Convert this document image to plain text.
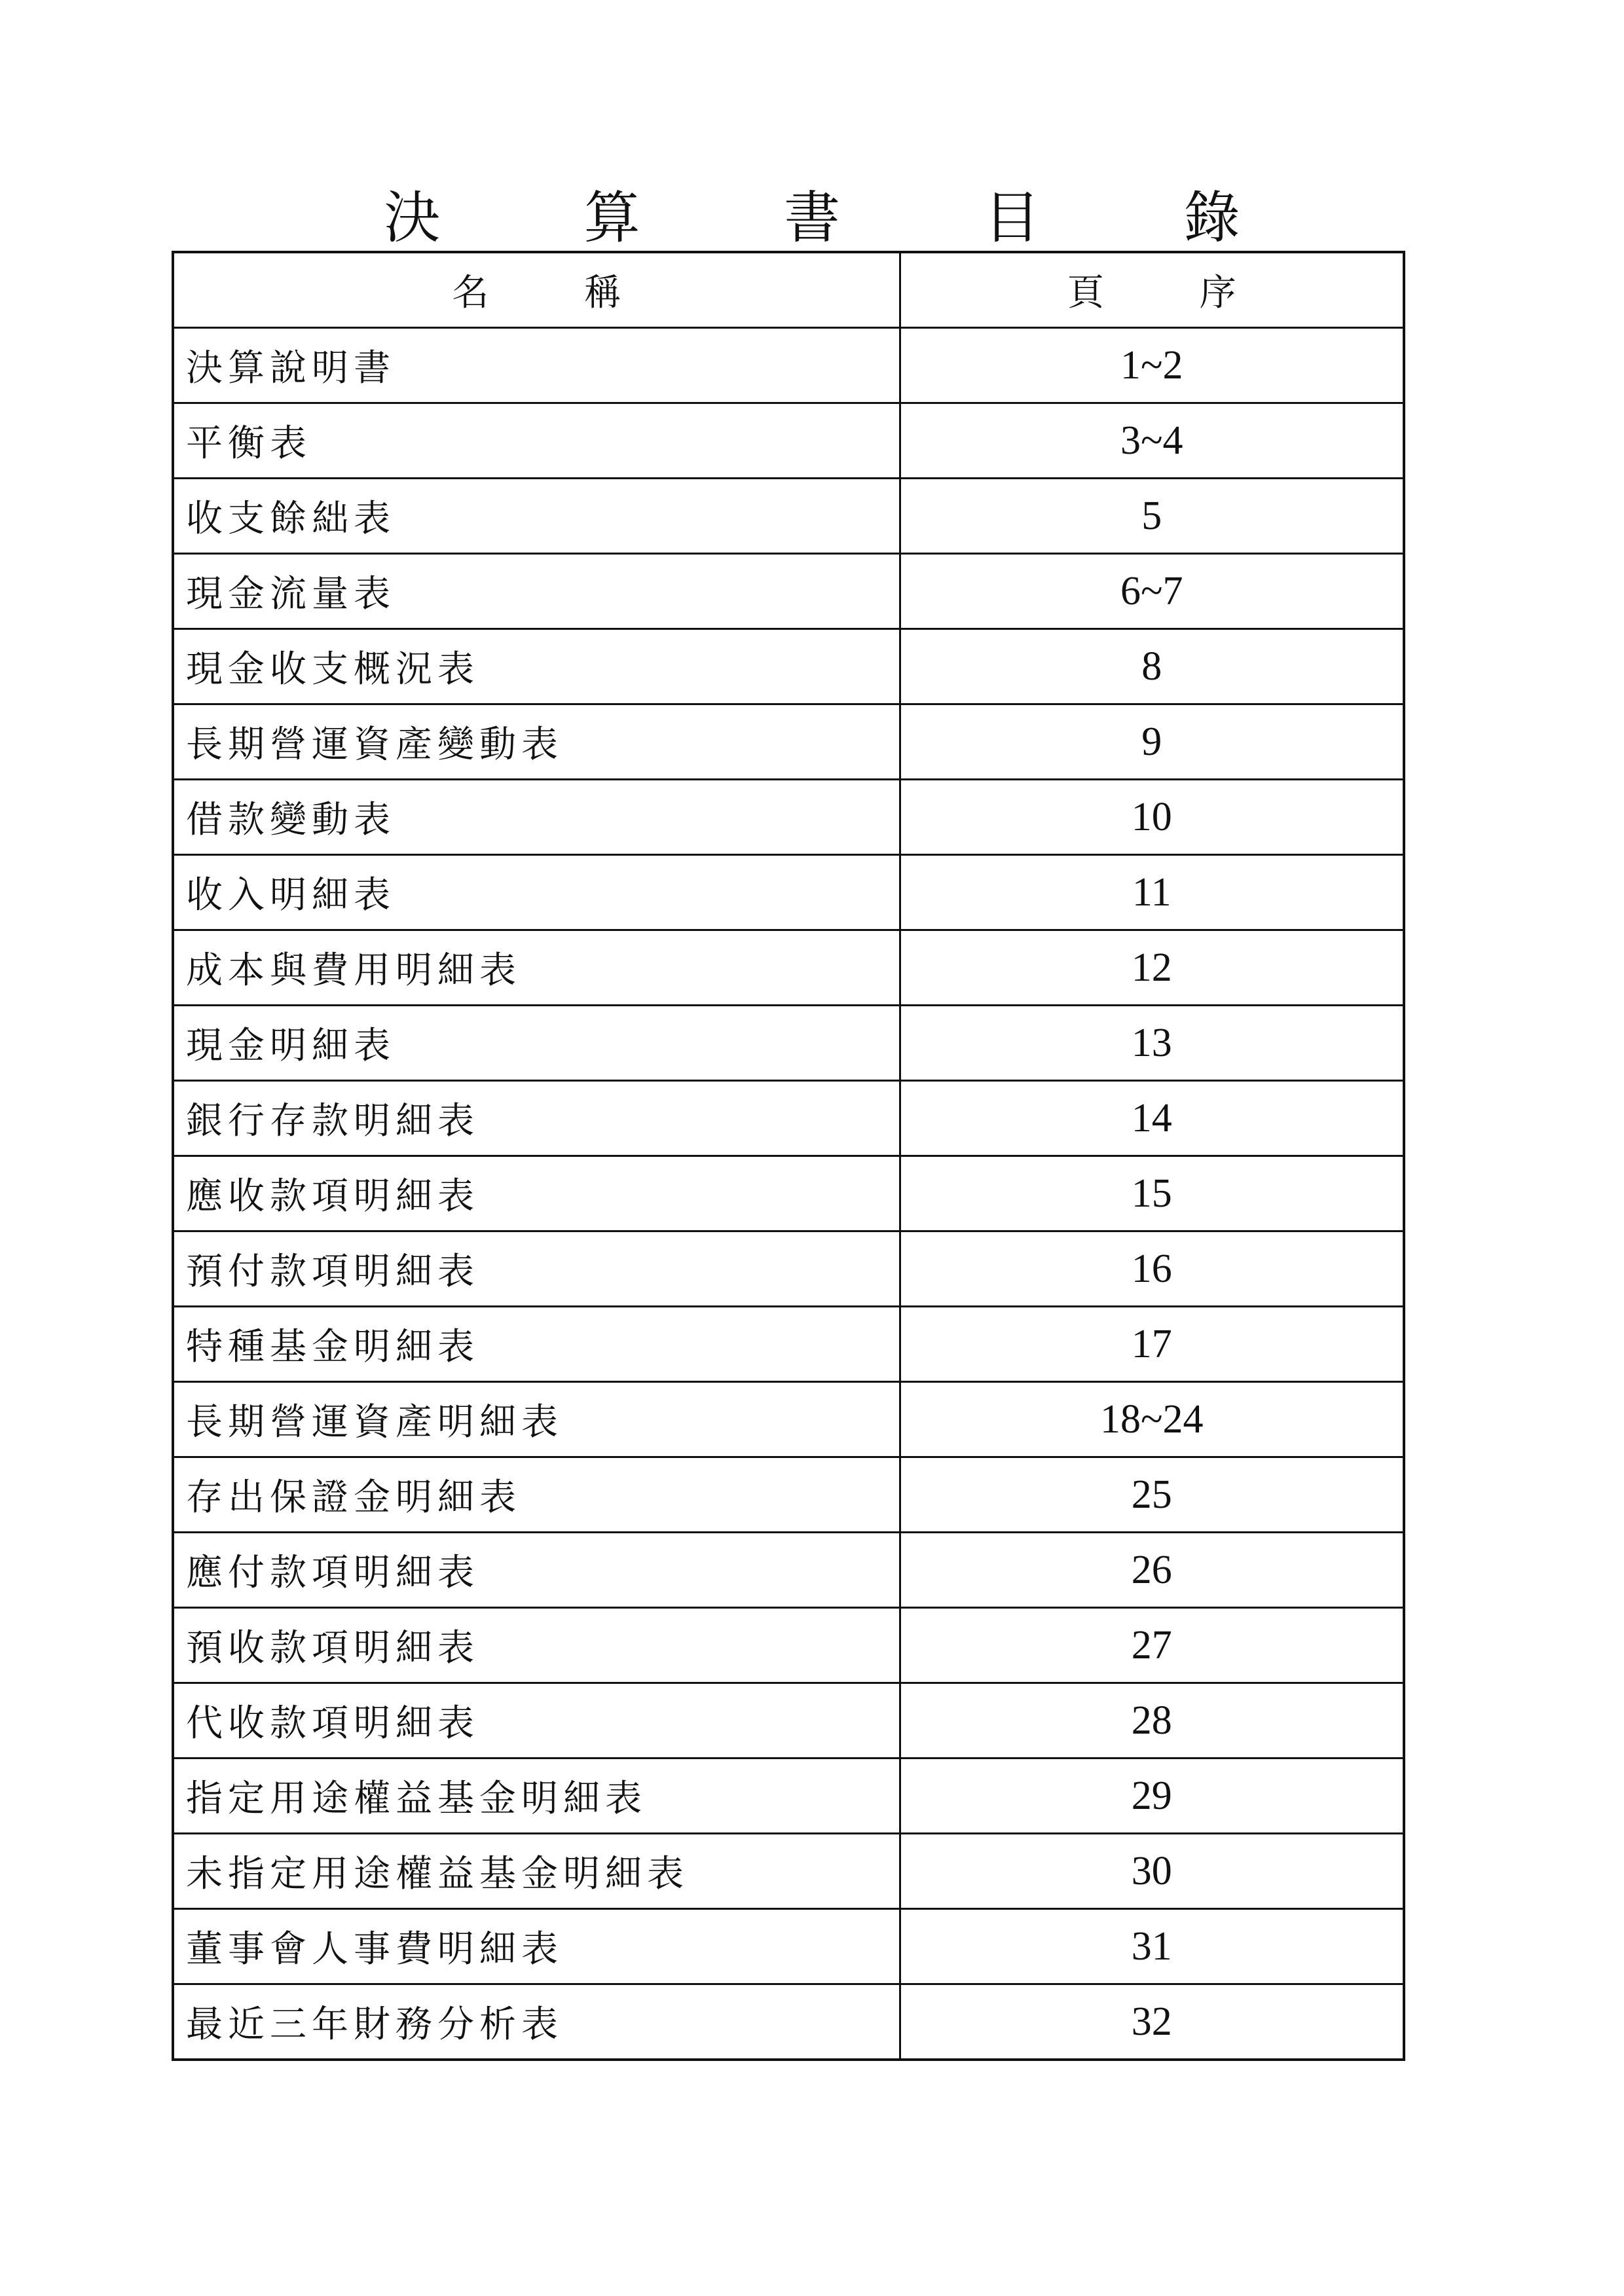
決 算 書 目 錄
名 稱	頁 序
決算說明書	1~2
平衡表	3~4
收支餘絀表	5
現金流量表	6~7
現金收支概況表	8
長期營運資產變動表	9
借款變動表	10
收入明細表	11
成本與費用明細表	12
現金明細表	13
銀行存款明細表	14
應收款項明細表	15
預付款項明細表	16
特種基金明細表	17
長期營運資產明細表	18~24
存出保證金明細表	25
應付款項明細表	26
預收款項明細表	27
代收款項明細表	28
指定用途權益基金明細表	29
未指定用途權益基金明細表	30
董事會人事費明細表	31
最近三年財務分析表	32
